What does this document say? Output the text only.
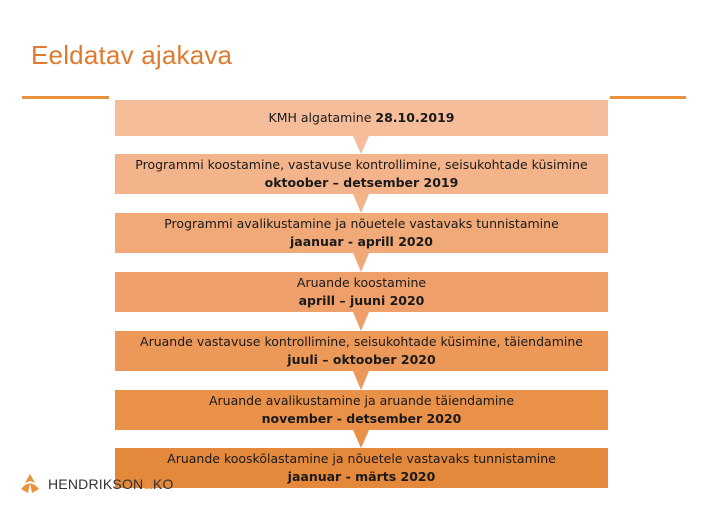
Eeldatav ajakava
KMH algatamine 28.10.2019
Programmi koostamine, vastavuse kontrollimine, seisukohtade küsimine
oktoober – detsember 2019
Programmi avalikustamine ja nõuetele vastavaks tunnistamine
jaanuar - aprill 2020
Aruande koostamine
aprill – juuni 2020
Aruande vastavuse kontrollimine, seisukohtade küsimine, täiendamine
juuli – oktoober 2020
Aruande avalikustamine ja aruande täiendamine
november - detsember 2020
Aruande kooskõlastamine ja nõuetele vastavaks tunnistamine
jaanuar - märts 2020
HENDRIKSON&KO
